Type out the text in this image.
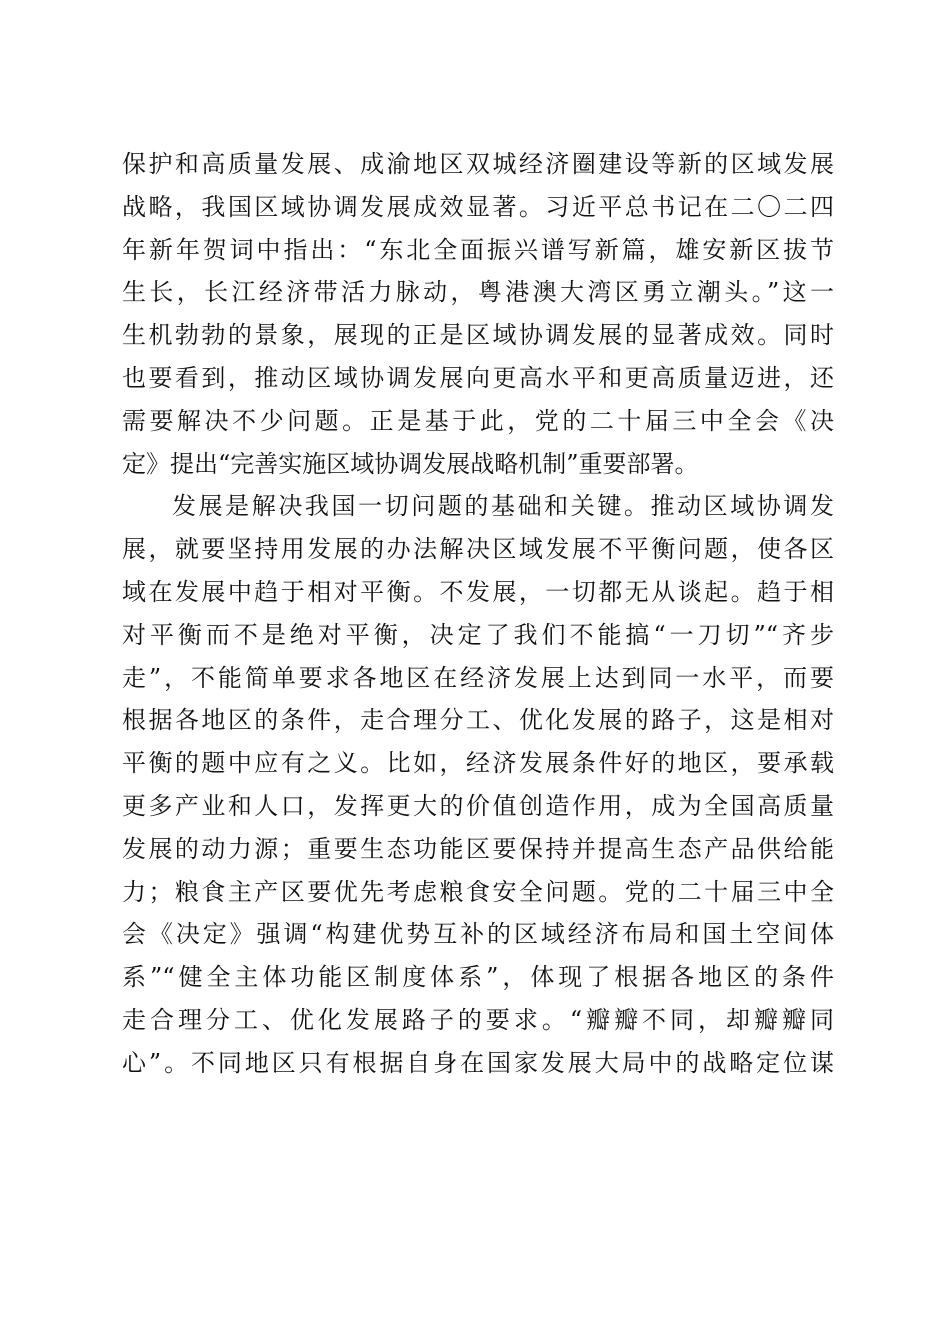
保护和高质量发展、成渝地区双城经济圈建设等新的区域发展
战略，我国区域协调发展成效显著。习近平总书记在二〇二四
年新年贺词中指出：“东北全面振兴谱写新篇，雄安新区拔节
生长，长江经济带活力脉动，粤港澳大湾区勇立潮头。”这一
生机勃勃的景象，展现的正是区域协调发展的显著成效。同时
也要看到，推动区域协调发展向更高水平和更高质量迈进，还
需要解决不少问题。正是基于此，党的二十届三中全会《决
定》提出“完善实施区域协调发展战略机制”重要部署。
发展是解决我国一切问题的基础和关键。推动区域协调发
展，就要坚持用发展的办法解决区域发展不平衡问题，使各区
域在发展中趋于相对平衡。不发展，一切都无从谈起。趋于相
对平衡而不是绝对平衡，决定了我们不能搞“一刀切”“齐步
走”，不能简单要求各地区在经济发展上达到同一水平，而要
根据各地区的条件，走合理分工、优化发展的路子，这是相对
平衡的题中应有之义。比如，经济发展条件好的地区，要承载
更多产业和人口，发挥更大的价值创造作用，成为全国高质量
发展的动力源；重要生态功能区要保持并提高生态产品供给能
力；粮食主产区要优先考虑粮食安全问题。党的二十届三中全
会《决定》强调“构建优势互补的区域经济布局和国土空间体
系”“健全主体功能区制度体系”，体现了根据各地区的条件
走合理分工、优化发展路子的要求。“瓣瓣不同，却瓣瓣同
心”。不同地区只有根据自身在国家发展大局中的战略定位谋
